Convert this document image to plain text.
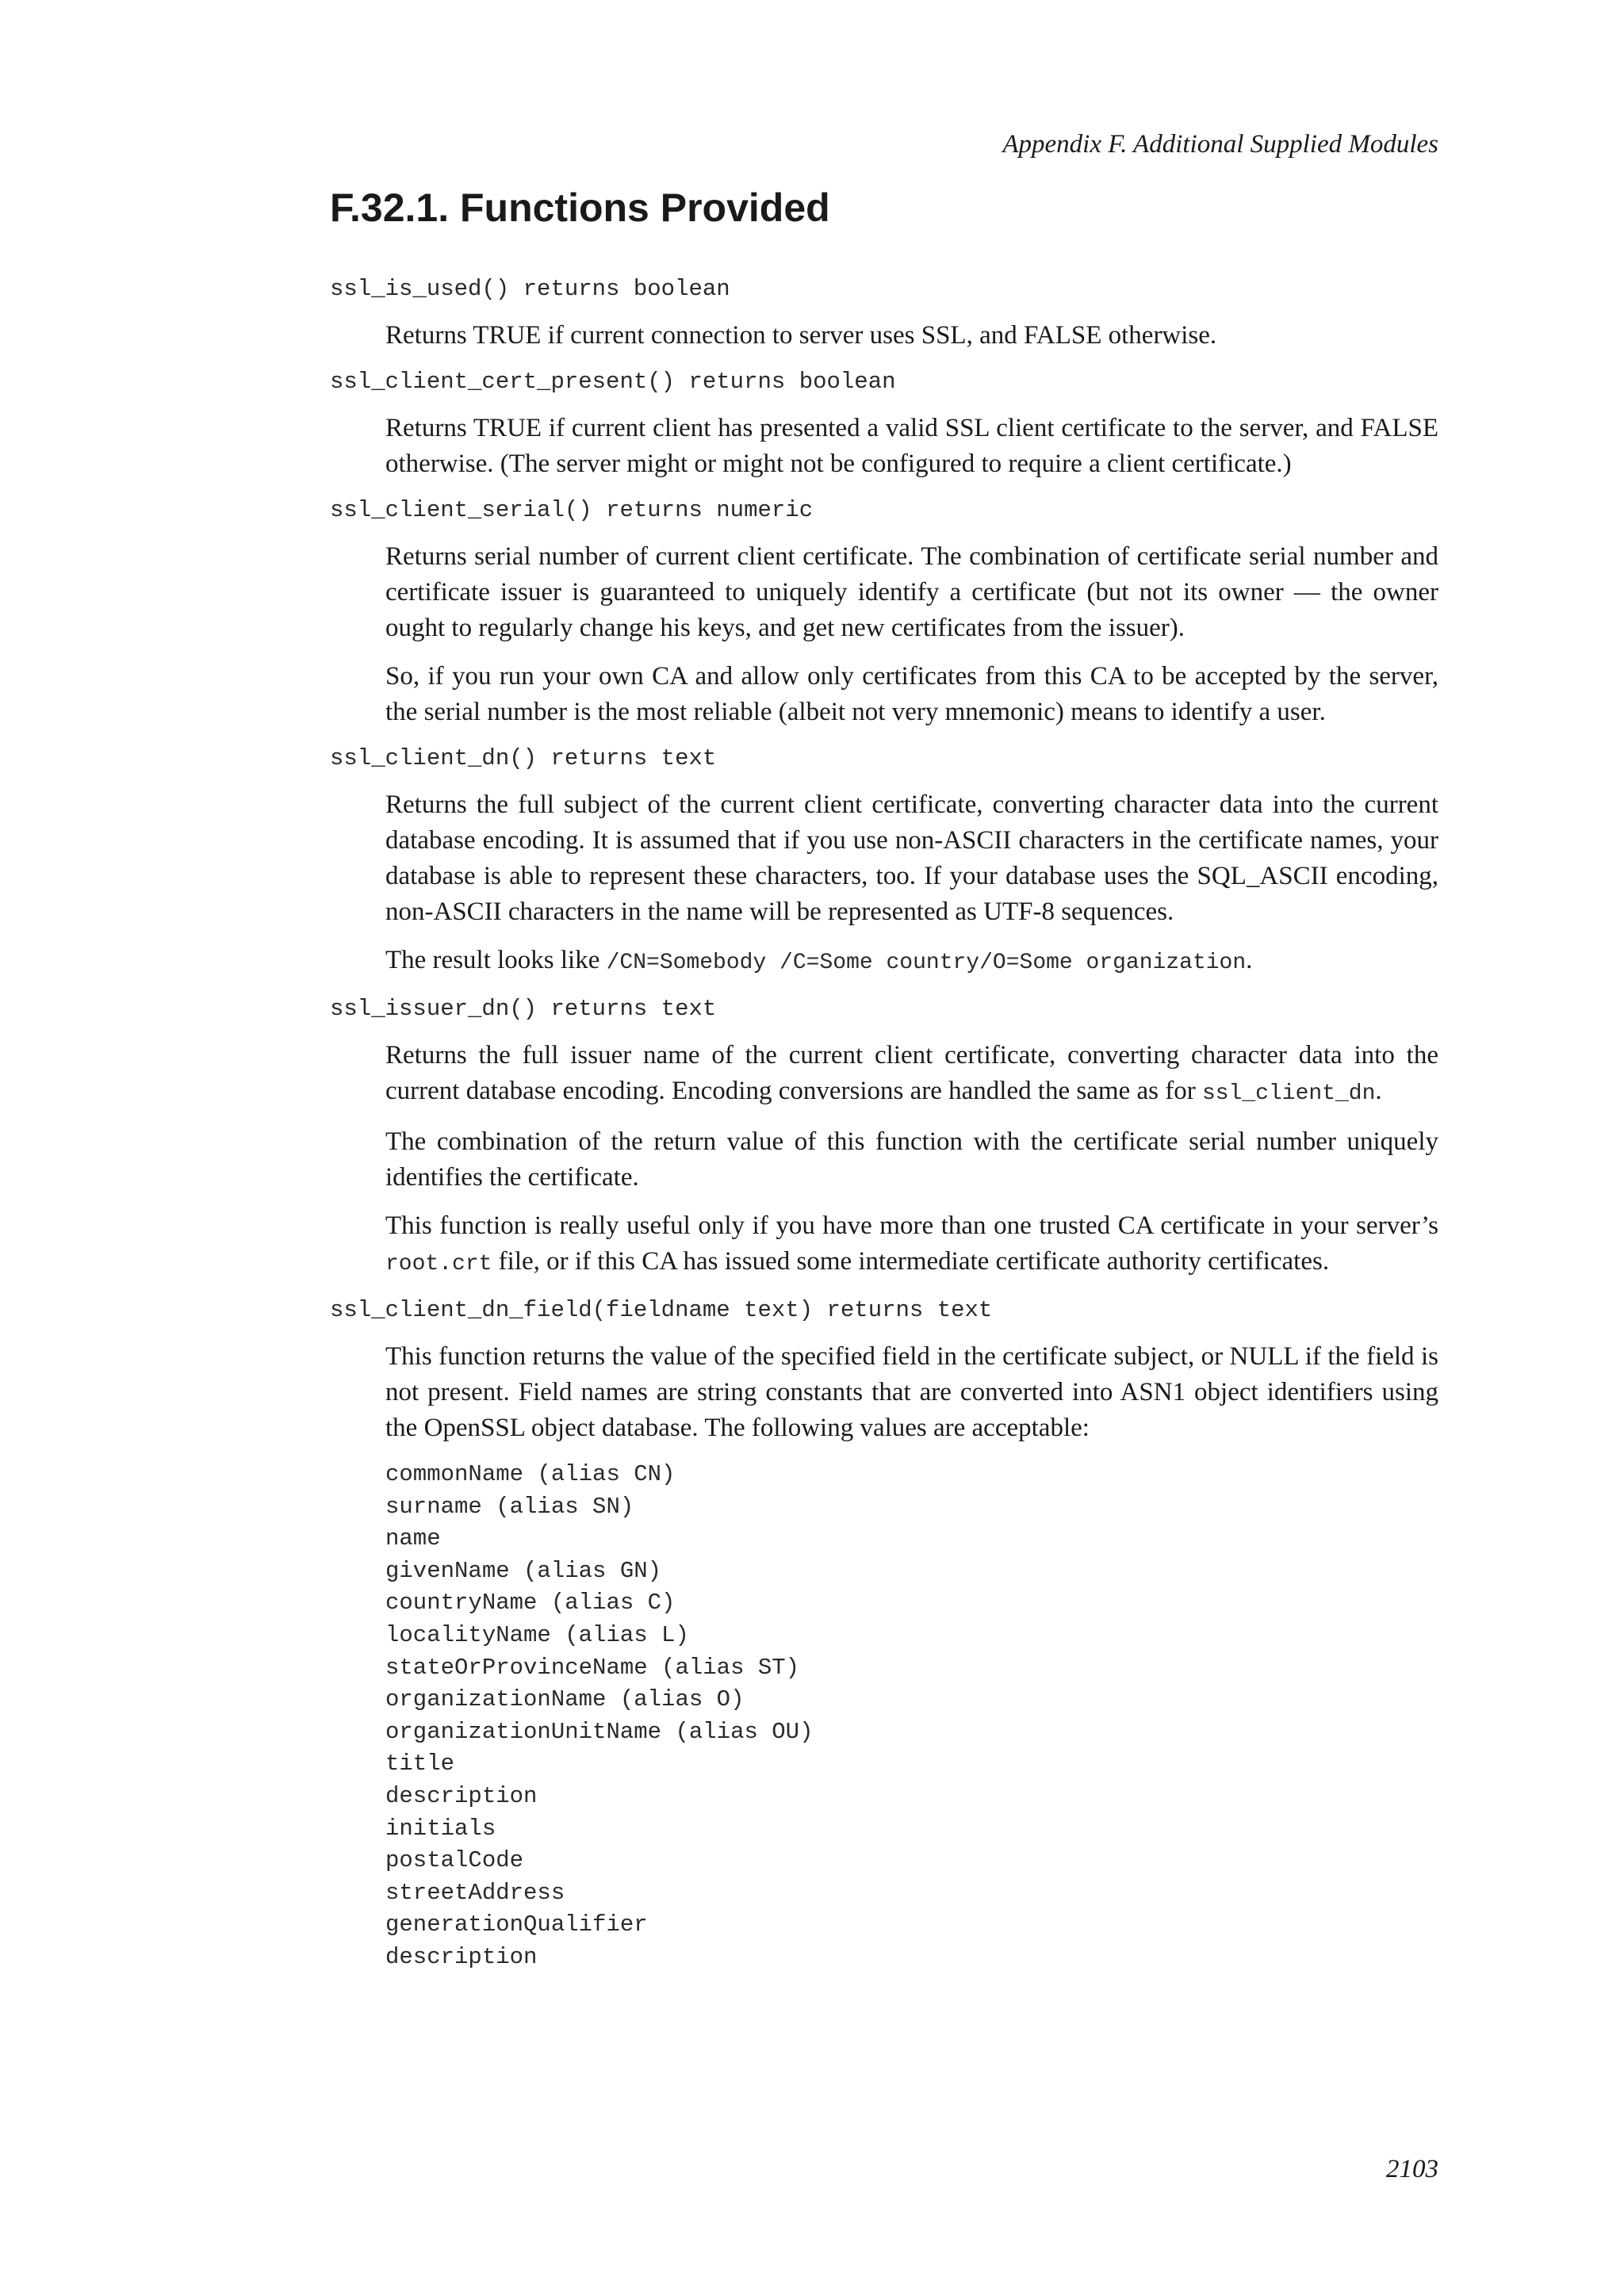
Appendix F. Additional Supplied Modules
F.32.1. Functions Provided
ssl_is_used() returns boolean

Returns TRUE if current connection to server uses SSL, and FALSE otherwise.

ssl_client_cert_present() returns boolean

Returns TRUE if current client has presented a valid SSL client certificate to the server, and FALSE otherwise. (The server might or might not be configured to require a client certificate.)

ssl_client_serial() returns numeric

Returns serial number of current client certificate. The combination of certificate serial number and certificate issuer is guaranteed to uniquely identify a certificate (but not its owner — the owner ought to regularly change his keys, and get new certificates from the issuer).

So, if you run your own CA and allow only certificates from this CA to be accepted by the server, the serial number is the most reliable (albeit not very mnemonic) means to identify a user.

ssl_client_dn() returns text

Returns the full subject of the current client certificate, converting character data into the current database encoding. It is assumed that if you use non-ASCII characters in the certificate names, your database is able to represent these characters, too. If your database uses the SQL_ASCII encoding, non-ASCII characters in the name will be represented as UTF-8 sequences.

The result looks like /CN=Somebody /C=Some country/O=Some organization.

ssl_issuer_dn() returns text

Returns the full issuer name of the current client certificate, converting character data into the current database encoding. Encoding conversions are handled the same as for ssl_client_dn.

The combination of the return value of this function with the certificate serial number uniquely identifies the certificate.

This function is really useful only if you have more than one trusted CA certificate in your server’s root.crt file, or if this CA has issued some intermediate certificate authority certificates.

ssl_client_dn_field(fieldname text) returns text

This function returns the value of the specified field in the certificate subject, or NULL if the field is not present. Field names are string constants that are converted into ASN1 object identifiers using the OpenSSL object database. The following values are acceptable:

commonName (alias CN)
surname (alias SN)
name
givenName (alias GN)
countryName (alias C)
localityName (alias L)
stateOrProvinceName (alias ST)
organizationName (alias O)
organizationUnitName (alias OU)
title
description
initials
postalCode
streetAddress
generationQualifier
description
2103
